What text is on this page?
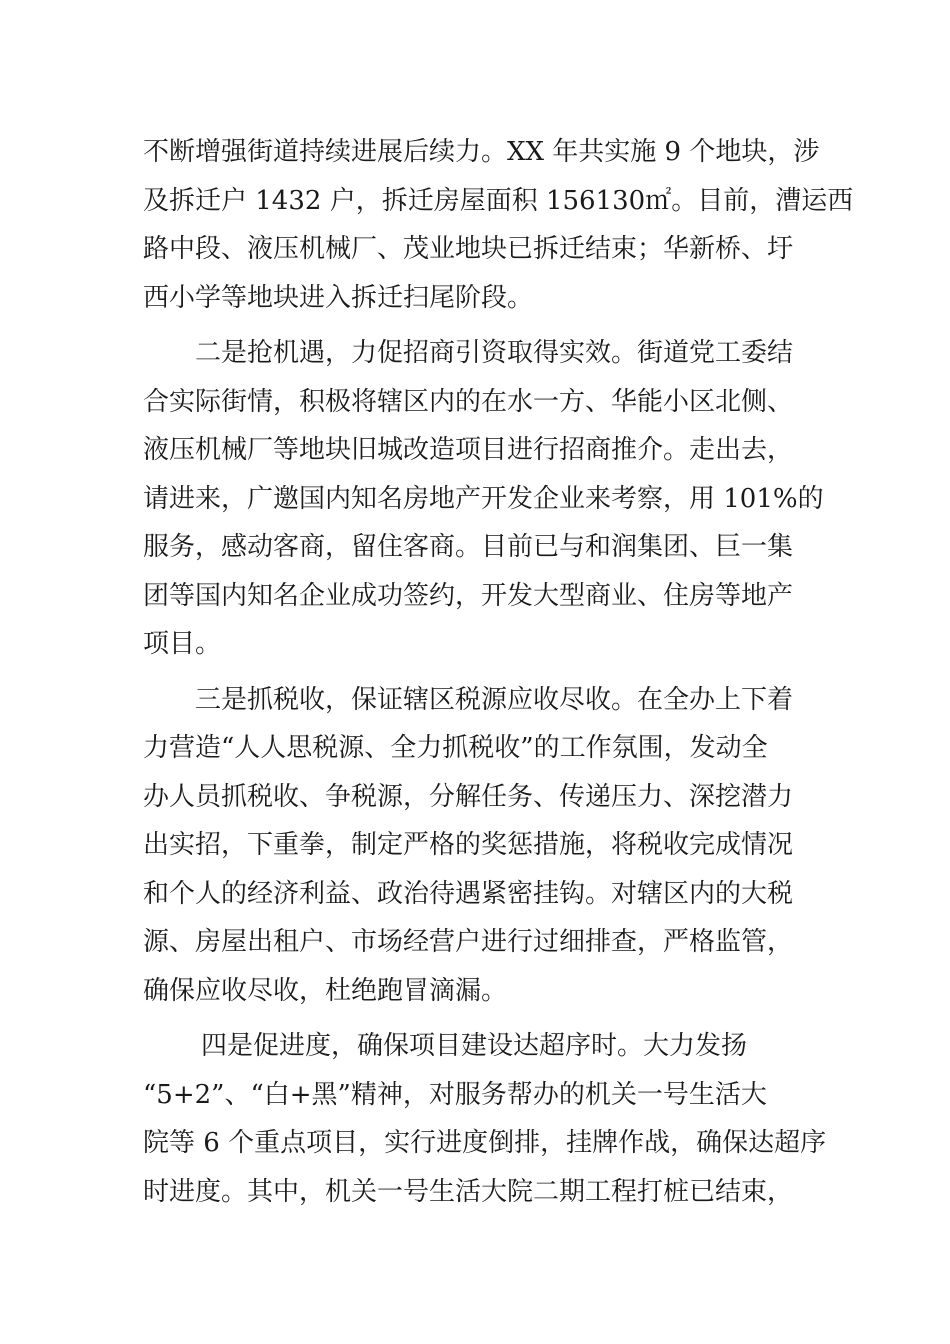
不断增强街道持续进展后续力。XX 年共实施 9 个地块，涉
及拆迁户 1432 户，拆迁房屋面积 156130㎡。目前，漕运西
路中段、液压机械厂、茂业地块已拆迁结束；华新桥、圩
西小学等地块进入拆迁扫尾阶段。
二是抢机遇，力促招商引资取得实效。街道党工委结
合实际街情，积极将辖区内的在水一方、华能小区北侧、
液压机械厂等地块旧城改造项目进行招商推介。走出去，
请进来，广邀国内知名房地产开发企业来考察，用 101%的
服务，感动客商，留住客商。目前已与和润集团、巨一集
团等国内知名企业成功签约，开发大型商业、住房等地产
项目。
三是抓税收，保证辖区税源应收尽收。在全办上下着
力营造“人人思税源、全力抓税收”的工作氛围，发动全
办人员抓税收、争税源，分解任务、传递压力、深挖潜力
出实招，下重拳，制定严格的奖惩措施，将税收完成情况
和个人的经济利益、政治待遇紧密挂钩。对辖区内的大税
源、房屋出租户、市场经营户进行过细排查，严格监管，
确保应收尽收，杜绝跑冒滴漏。
四是促进度，确保项目建设达超序时。大力发扬
“5+2”、“白+黑”精神，对服务帮办的机关一号生活大
院等 6 个重点项目，实行进度倒排，挂牌作战，确保达超序
时进度。其中，机关一号生活大院二期工程打桩已结束，
